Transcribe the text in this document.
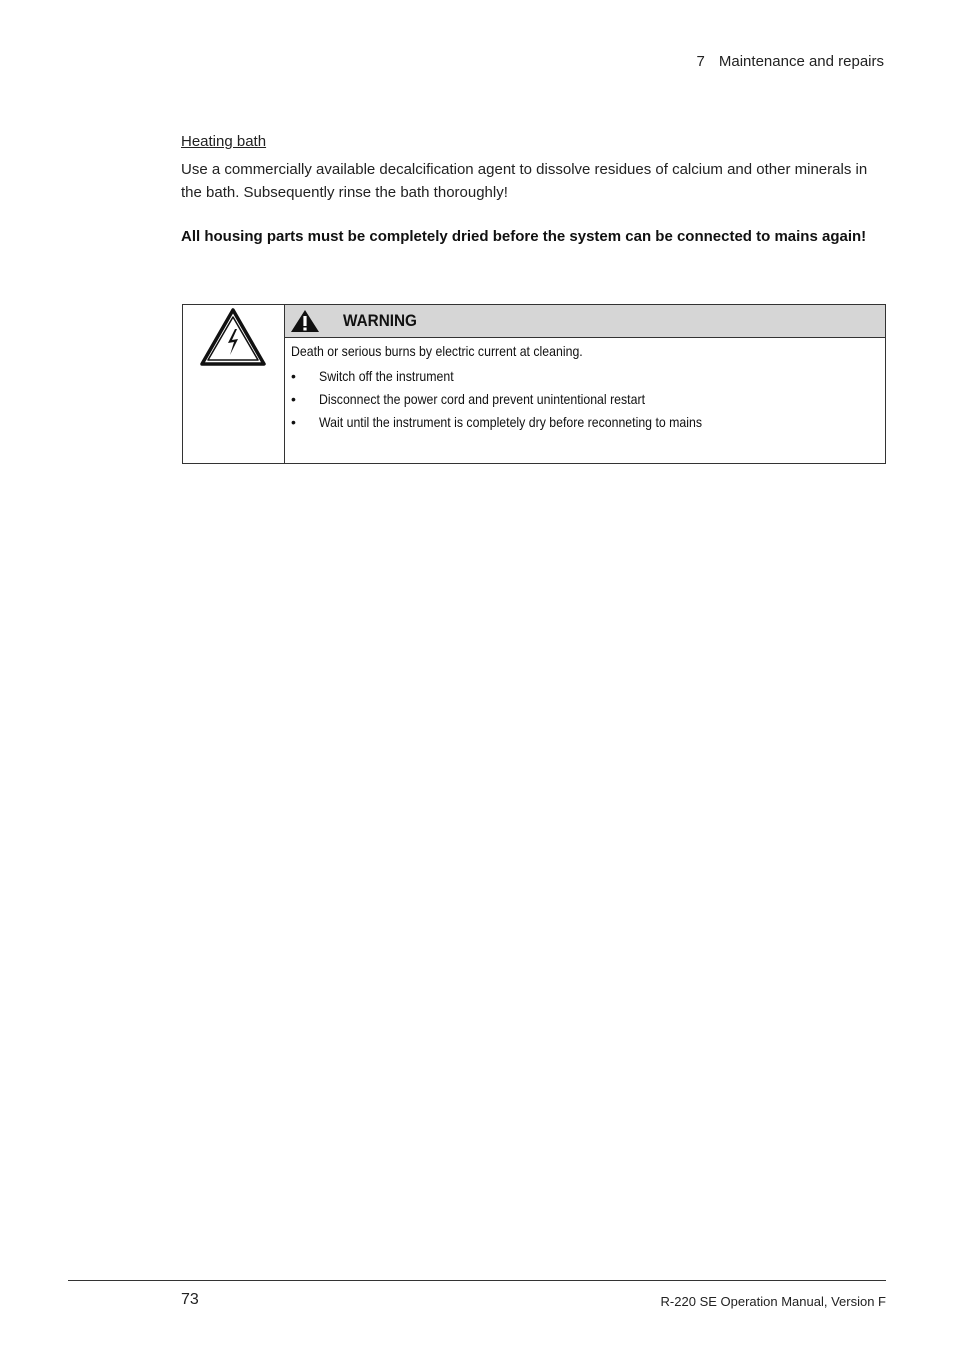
7 Maintenance and repairs
Heating bath
Use a commercially available decalcification agent to dissolve residues of calcium and other minerals in the bath. Subsequently rinse the bath thoroughly!
All housing parts must be completely dried before the system can be connected to mains again!
WARNING
Death or serious burns by electric current at cleaning.
• Switch off the instrument
• Disconnect the power cord and prevent unintentional restart
• Wait until the instrument is completely dry before reconneting to mains
73	R-220 SE Operation Manual, Version F
